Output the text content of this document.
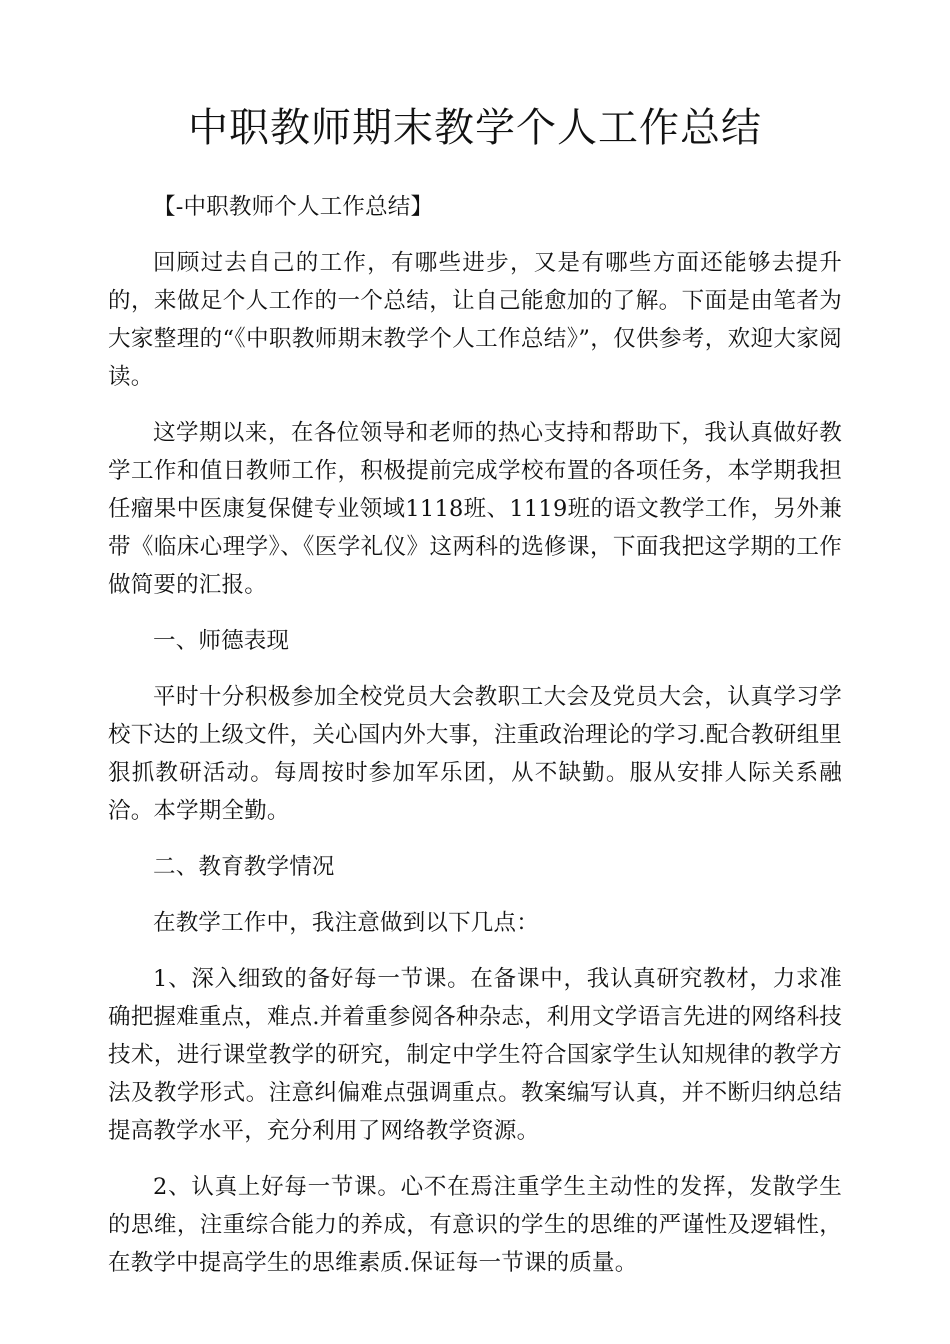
中职教师期末教学个人工作总结

【-中职教师个人工作总结】

回顾过去自己的工作，有哪些进步，又是有哪些方面还能够去提升的，来做足个人工作的一个总结，让自己能愈加的了解。下面是由笔者为大家整理的“《中职教师期末教学个人工作总结》”，仅供参考，欢迎大家阅读。

这学期以来，在各位领导和老师的热心支持和帮助下，我认真做好教学工作和值日教师工作，积极提前完成学校布置的各项任务，本学期我担任瘤果中医康复保健专业领域1118班、1119班的语文教学工作，另外兼带《临床心理学》、《医学礼仪》这两科的选修课，下面我把这学期的工作做简要的汇报。

一、师德表现

平时十分积极参加全校党员大会教职工大会及党员大会，认真学习学校下达的上级文件，关心国内外大事，注重政治理论的学习.配合教研组里狠抓教研活动。每周按时参加军乐团，从不缺勤。服从安排人际关系融洽。本学期全勤。

二、教育教学情况

在教学工作中，我注意做到以下几点：

1、深入细致的备好每一节课。在备课中，我认真研究教材，力求准确把握难重点，难点.并着重参阅各种杂志，利用文学语言先进的网络科技技术，进行课堂教学的研究，制定中学生符合国家学生认知规律的教学方法及教学形式。注意纠偏难点强调重点。教案编写认真，并不断归纳总结提高教学水平，充分利用了网络教学资源。

2、认真上好每一节课。心不在焉注重学生主动性的发挥，发散学生的思维，注重综合能力的养成，有意识的学生的思维的严谨性及逻辑性，在教学中提高学生的思维素质.保证每一节课的质量。
